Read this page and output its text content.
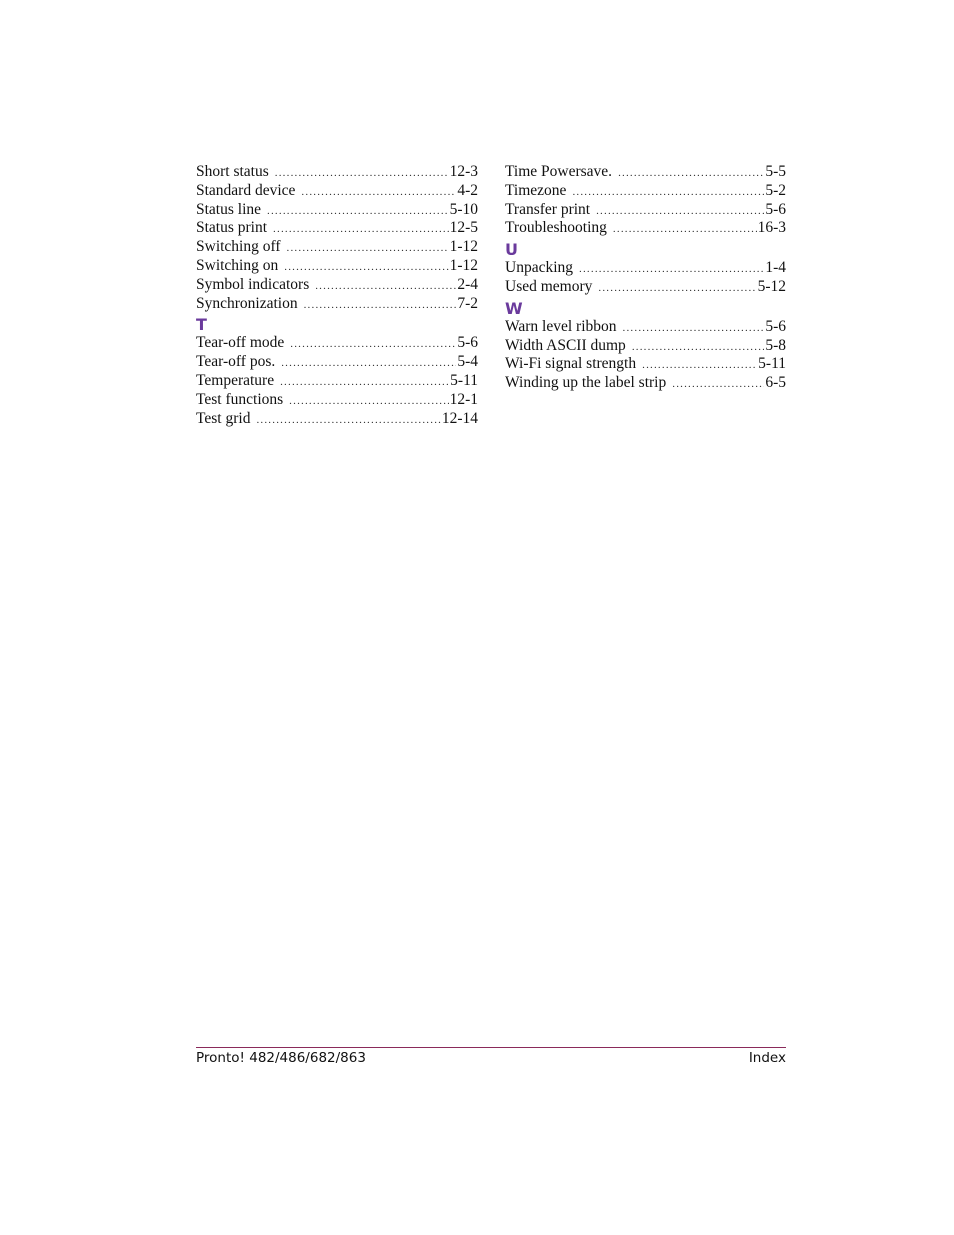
Short status .....	12-3
Standard device .....	4-2
Status line .....	5-10
Status print .....	12-5
Switching off .....	1-12
Switching on .....	1-12
Symbol indicators .....	2-4
Synchronization .....	7-2
T
Tear-off mode .....	5-6
Tear-off pos. .....	5-4
Temperature .....	5-11
Test functions .....	12-1
Test grid .....	12-14
Time Powersave. .....	5-5
Timezone .....	5-2
Transfer print .....	5-6
Troubleshooting .....	16-3
U
Unpacking .....	1-4
Used memory .....	5-12
W
Warn level ribbon .....	5-6
Width ASCII dump .....	5-8
Wi-Fi signal strength .....	5-11
Winding up the label strip .....	6-5
Pronto! 482/486/682/863	Index
